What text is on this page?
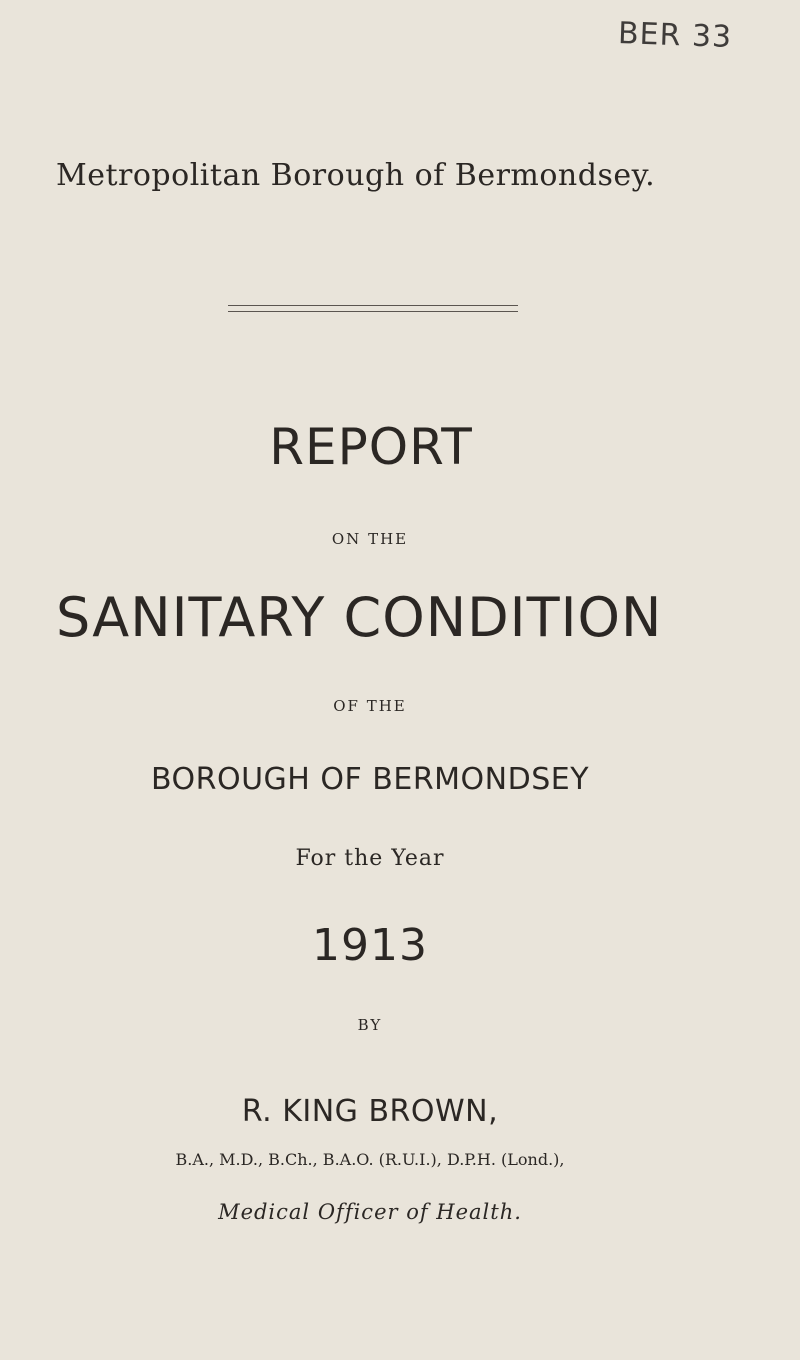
BER 33
Metropolitan Borough of Bermondsey.
REPORT
ON THE
SANITARY CONDITION
OF THE
BOROUGH OF BERMONDSEY
For the Year
1913
BY
R. KING BROWN,
B.A., M.D., B.Ch., B.A.O. (R.U.I.), D.P.H. (Lond.),
Medical Officer of Health.
